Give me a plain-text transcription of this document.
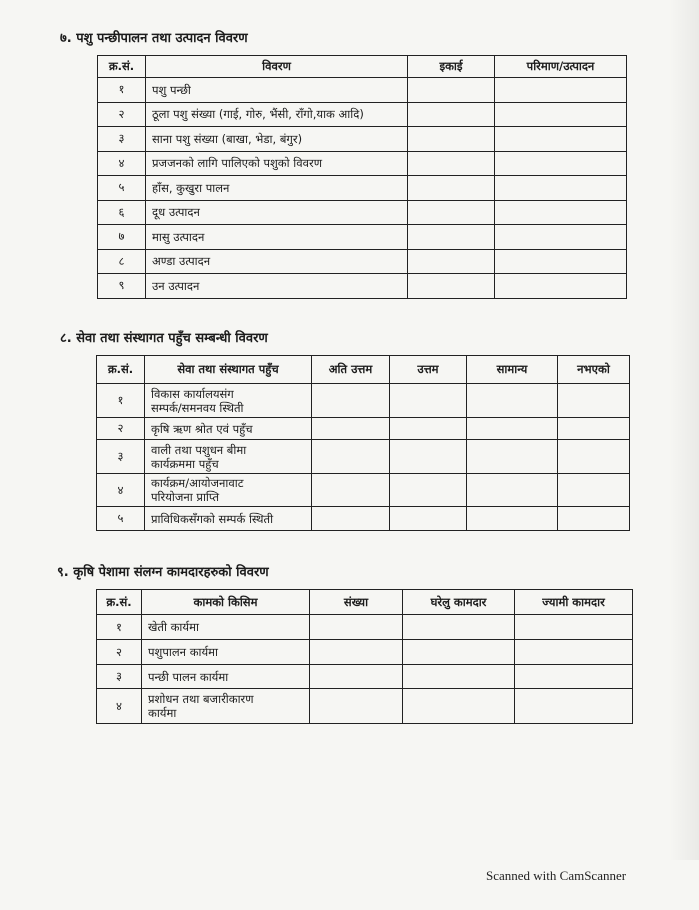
७. पशु पन्छीपालन तथा उत्पादन विवरण
क्र.सं.	विवरण	इकाई	परिमाण/उत्पादन
१	पशु पन्छी		
२	ठूला पशु संख्या (गाई, गोरु, भैंसी, राँगो,याक आदि)		
३	साना पशु संख्या (बाखा, भेडा, बंगुर)		
४	प्रजजनको लागि पालिएको पशुको विवरण		
५	हाँस, कुखुरा पालन		
६	दूध उत्पादन		
७	मासु उत्पादन		
८	अण्डा उत्पादन		
९	उन उत्पादन		
८. सेवा तथा संस्थागत पहुँच सम्बन्धी विवरण
क्र.सं.	सेवा तथा संस्थागत पहुँच	अति उत्तम	उत्तम	सामान्य	नभएको
१	विकास कार्यालयसंग
सम्पर्क/समनवय स्थिती				

२	कृषि ऋण श्रोत एवं पहुँच				

३	वाली तथा पशुधन बीमा
कार्यक्रममा पहुँच				

४	कार्यक्रम/आयोजनावाट
परियोजना प्राप्ति				

५	प्राविधिकसँगको सम्पर्क स्थिती				

९. कृषि पेशामा संलग्न कामदारहरुको विवरण
क्र.सं.	कामको किसिम	संख्या	घरेलु कामदार	ज्यामी कामदार
१	खेती कार्यमा			

२	पशुपालन कार्यमा			

३	पन्छी पालन कार्यमा			

४	प्रशोधन तथा बजारीकारण
कार्यमा			

Scanned with CamScanner
